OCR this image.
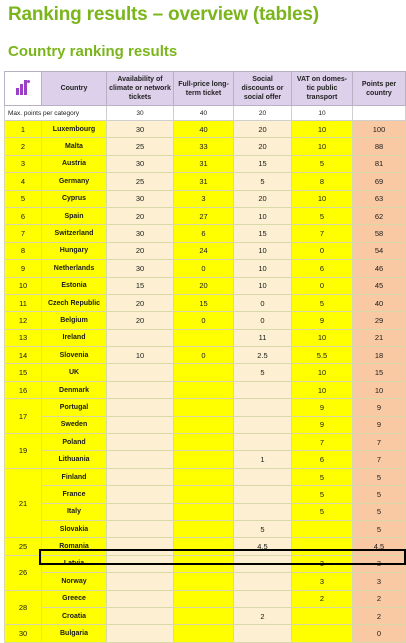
Ranking results – overview (tables)
Country ranking results
	Country	Availability of climate or network tickets	Full-price long-term ticket	Social discounts or social offer	VAT on domes-tic public transport	Points per country
Max. points per category		30	40	20	10	
1	Luxembourg	30	40	20	10	100
2	Malta	25	33	20	10	88
3	Austria	30	31	15	5	81
4	Germany	25	31	5	8	69
5	Cyprus	30	3	20	10	63
6	Spain	20	27	10	5	62
7	Switzerland	30	6	15	7	58
8	Hungary	20	24	10	0	54
9	Netherlands	30	0	10	6	46
10	Estonia	15	20	10	0	45
11	Czech Republic	20	15	0	5	40
12	Belgium	20	0	0	9	29
13	Ireland			11	10	21
14	Slovenia	10	0	2.5	5.5	18
15	UK			5	10	15
16	Denmark				10	10
17	Portugal				9	9
	Sweden				9	9
19	Poland				7	7
	Lithuania			1	6	7
21	Finland				5	5
	France				5	5
	Italy				5	5
	Slovakia			5		5
25	Romania			4.5		4.5
26	Latvia				3	3
	Norway				3	3
28	Greece				2	2
	Croatia			2		2
30	Bulgaria					0
